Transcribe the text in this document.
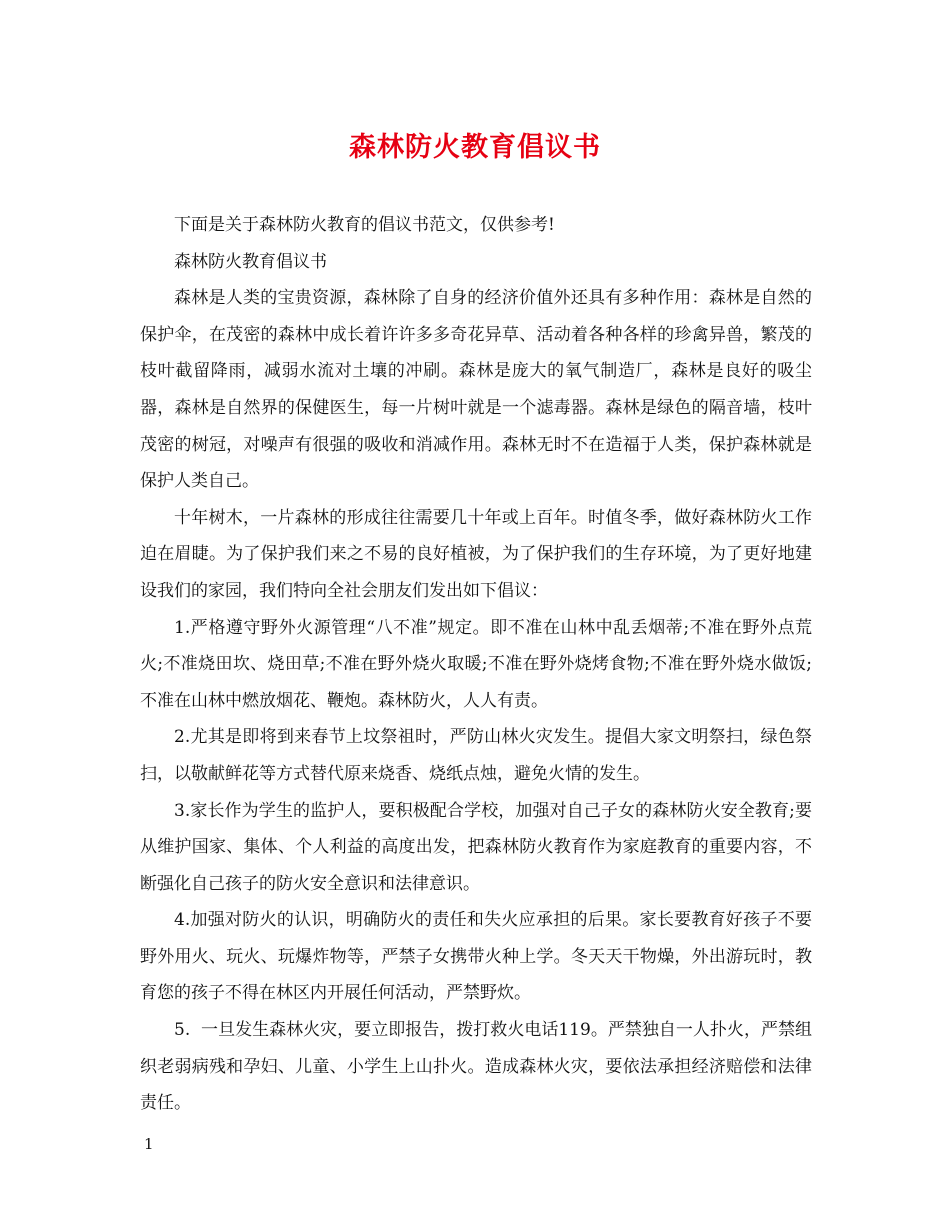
森林防火教育倡议书

下面是关于森林防火教育的倡议书范文，仅供参考!

森林防火教育倡议书

森林是人类的宝贵资源，森林除了自身的经济价值外还具有多种作用：森林是自然的保护伞，在茂密的森林中成长着许许多多奇花异草、活动着各种各样的珍禽异兽，繁茂的枝叶截留降雨，减弱水流对土壤的冲刷。森林是庞大的氧气制造厂，森林是良好的吸尘器，森林是自然界的保健医生，每一片树叶就是一个滤毒器。森林是绿色的隔音墙，枝叶茂密的树冠，对噪声有很强的吸收和消减作用。森林无时不在造福于人类，保护森林就是保护人类自己。

十年树木，一片森林的形成往往需要几十年或上百年。时值冬季，做好森林防火工作迫在眉睫。为了保护我们来之不易的良好植被，为了保护我们的生存环境，为了更好地建设我们的家园，我们特向全社会朋友们发出如下倡议：

1.严格遵守野外火源管理“八不准”规定。即不准在山林中乱丢烟蒂;不准在野外点荒火;不准烧田坎、烧田草;不准在野外烧火取暖;不准在野外烧烤食物;不准在野外烧水做饭;不准在山林中燃放烟花、鞭炮。森林防火，人人有责。

2.尤其是即将到来春节上坟祭祖时，严防山林火灾发生。提倡大家文明祭扫，绿色祭扫，以敬献鲜花等方式替代原来烧香、烧纸点烛，避免火情的发生。

3.家长作为学生的监护人，要积极配合学校，加强对自己子女的森林防火安全教育;要从维护国家、集体、个人利益的高度出发，把森林防火教育作为家庭教育的重要内容，不断强化自己孩子的防火安全意识和法律意识。

4.加强对防火的认识，明确防火的责任和失火应承担的后果。家长要教育好孩子不要野外用火、玩火、玩爆炸物等，严禁子女携带火种上学。冬天天干物燥，外出游玩时，教育您的孩子不得在林区内开展任何活动，严禁野炊。

5.  一旦发生森林火灾，要立即报告，拨打救火电话119。严禁独自一人扑火，严禁组织老弱病残和孕妇、儿童、小学生上山扑火。造成森林火灾，要依法承担经济赔偿和法律责任。

1
